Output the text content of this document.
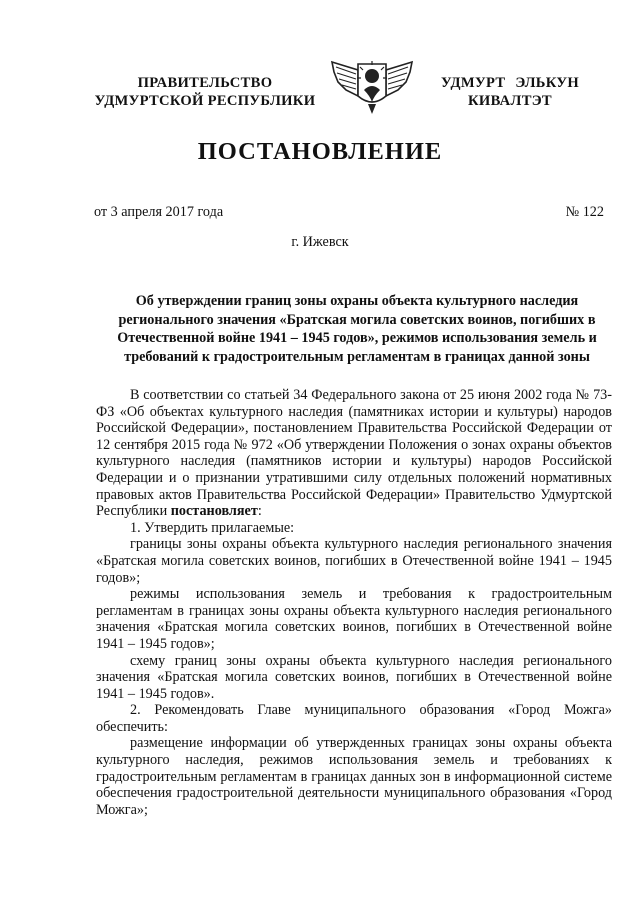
ПРАВИТЕЛЬСТВО
УДМУРТСКОЙ РЕСПУБЛИКИ
УДМУРТ ЭЛЬКУН
КИВАЛТЭТ
ПОСТАНОВЛЕНИЕ
от 3 апреля 2017 года	№ 122
г. Ижевск
Об утверждении границ зоны охраны объекта культурного наследия регионального значения «Братская могила советских воинов, погибших в Отечественной войне 1941 – 1945 годов», режимов использования земель и требований к градостроительным регламентам в границах данной зоны

В соответствии со статьей 34 Федерального закона от 25 июня 2002 года № 73-ФЗ «Об объектах культурного наследия (памятниках истории и культуры) народов Российской Федерации», постановлением Правительства Российской Федерации от 12 сентября 2015 года № 972 «Об утверждении Положения о зонах охраны объектов культурного наследия (памятников истории и культуры) народов Российской Федерации и о признании утратившими силу отдельных положений нормативных правовых актов Правительства Российской Федерации» Правительство Удмуртской Республики постановляет:

1. Утвердить прилагаемые:

границы зоны охраны объекта культурного наследия регионального значения «Братская могила советских воинов, погибших в Отечественной войне 1941 – 1945 годов»;

режимы использования земель и требования к градостроительным регламентам в границах зоны охраны объекта культурного наследия регионального значения «Братская могила советских воинов, погибших в Отечественной войне 1941 – 1945 годов»;

схему границ зоны охраны объекта культурного наследия регионального значения «Братская могила советских воинов, погибших в Отечественной войне 1941 – 1945 годов».

2. Рекомендовать Главе муниципального образования «Город Можга» обеспечить:

размещение информации об утвержденных границах зоны охраны объекта культурного наследия, режимов использования земель и требованиях к градостроительным регламентам в границах данных зон в информационной системе обеспечения градостроительной деятельности муниципального образования «Город Можга»;
